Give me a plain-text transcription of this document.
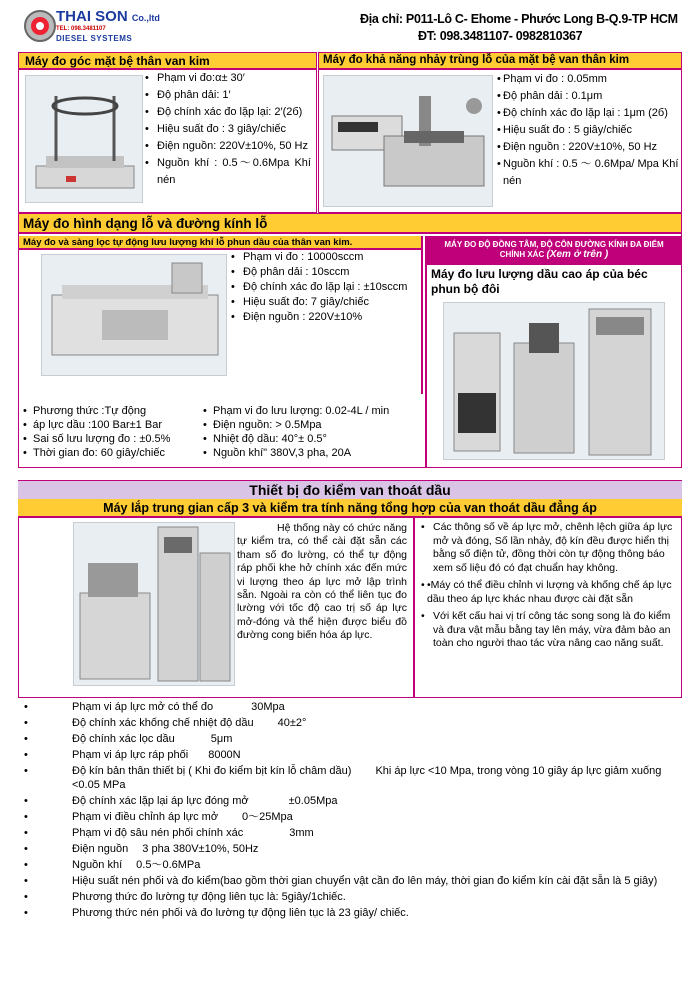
THAI SON Co.,ltd
TEL: 098.3481107
DIESEL SYSTEMS
Địa chỉ: P011-Lô C- Ehome - Phước Long B-Q.9-TP HCM
ĐT: 098.3481107- 0982810367
Máy đo góc mặt bệ thân van kim
• Phạm vi đo:α± 30′
• Độ phân dải: 1′
• Độ chính xác đo lặp lại: 2′(2б)
• Hiệu suất đo : 3 giây/chiếc
• Điện nguồn: 220V±10%, 50 Hz
• Nguồn khí : 0.5～0.6Mpa Khí nén
Máy đo khả năng nhảy trùng lỗ của mặt bệ van thân kim
• Phạm vi đo : 0.05mm
• Độ phân dải : 0.1μm
• Độ chính xác đo lặp lại : 1μm (2б)
• Hiệu suất đo : 5 giây/chiếc
• Điện nguồn : 220V±10%, 50 Hz
• Nguồn khí : 0.5 ～ 0.6Mpa/ Mpa Khí nén
Máy đo hình dạng lỗ và đường kính lỗ
Máy đo và sàng lọc tự động lưu lượng khí lỗ phun dầu của thân van kim.
• Phạm vi đo : 10000sccm
• Độ phân dải : 10sccm
• Độ chính xác đo lặp lại : ±10sccm
• Hiệu suất đo: 7 giây/chiếc
• Điện nguồn : 220V±10%
MÁY ĐO ĐỘ ĐỒNG TÂM, ĐỘ CÔN ĐƯỜNG KÍNH ĐA ĐIỂM CHÍNH XÁC (Xem ở trên )
Máy đo lưu lượng dầu cao áp của béc phun bộ đôi
• Phương thức :Tự động
• áp lực dầu :100 Bar±1 Bar
• Sai số lưu lượng đo : ±0.5%
• Thời gian đo: 60 giây/chiếc
• Phạm vi đo lưu lượng: 0.02-4L / min
• Điện nguồn: > 0.5Mpa
• Nhiệt độ dầu: 40°± 0.5°
• Nguồn khí" 380V,3 pha, 20A
Thiết bị đo kiểm van thoát dầu
Máy lắp trung gian cấp 3 và kiểm tra tính năng tổng hợp của van thoát dầu đẳng áp
Hệ thống này có chức năng tự kiểm tra, có thể cài đặt sẵn các tham số đo lường, có thể tự động ráp phối khe hở chính xác đến mức vi lượng theo áp lực mở lập trình sẵn. Ngoài ra còn có thể liên tục đo lường với tốc độ cao trị số áp lực mở-đóng và thể hiện được biểu đồ đường cong biến hóa áp lực.
• Các thông số về áp lực mở, chênh lệch giữa áp lực mở và đóng, Số lần nhảy, độ kín đều được hiển thị bằng số điện tử, đồng thời còn tự động thông báo xem số liệu đó có đạt chuẩn hay không.
• •Máy có thể điều chỉnh vi lượng và khống chế áp lực dầu theo áp lực khác nhau được cài đặt sẵn
• Với kết cấu hai vị trí công tác song song là đo kiểm và đưa vật mẫu bằng tay lên máy, vừa đảm bảo an toàn cho người thao tác vừa nâng cao năng suất.
• Phạm vi áp lực mở có thể đo	30Mpa
• Độ chính xác khống chế nhiệt độ dầu 40±2°
• Độ chính xác lọc dầu	5μm
• Phạm vi áp lực ráp phối 8000N
• Độ kín bản thân thiết bị ( Khi đo kiểm bịt kín lỗ châm dầu) Khi áp lực <10 Mpa, trong vòng 10 giây áp lực giảm xuống <0.05 MPa
• Độ chính xác lặp lại áp lực đóng mở	±0.05Mpa
• Phạm vi điều chỉnh áp lực mở 0～25Mpa
• Phạm vi độ sâu nén phối chính xác	3mm
• Điện nguồn 3 pha 380V±10%, 50Hz
• Nguồn khí 0.5～0.6MPa
• Hiệu suất nén phối và đo kiểm(bao gồm thời gian chuyển vật cần đo lên máy, thời gian đo kiểm kín cài đặt sẵn là 5 giây)
• Phương thức đo lường tự động liên tục là: 5giây/1chiếc.
• Phương thức nén phối và đo lường tự động liên tục là 23 giây/ chiếc.
